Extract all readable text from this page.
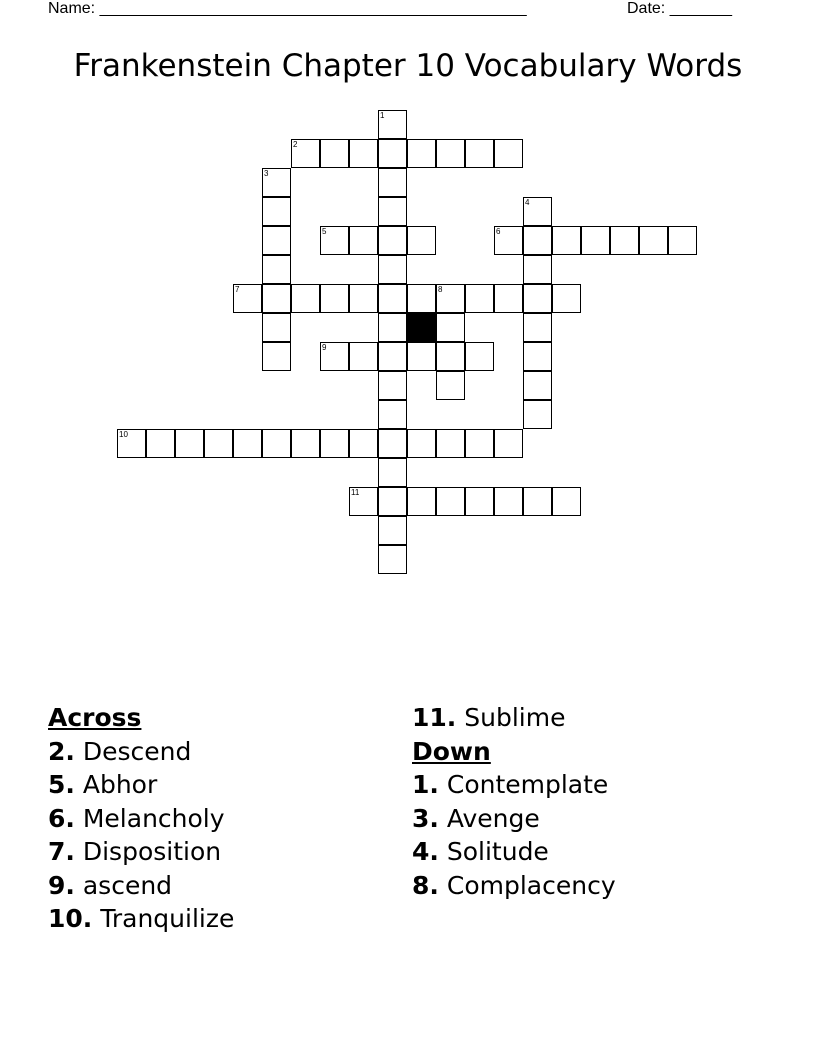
Name: ________________________________________________	Date: _______
Frankenstein Chapter 10 Vocabulary Words
1
2
3
4
5	6
7	8
9
10
11
Across
2. Descend
5. Abhor
6. Melancholy
7. Disposition
9. ascend
10. Tranquilize
11. Sublime
Down
1. Contemplate
3. Avenge
4. Solitude
8. Complacency
